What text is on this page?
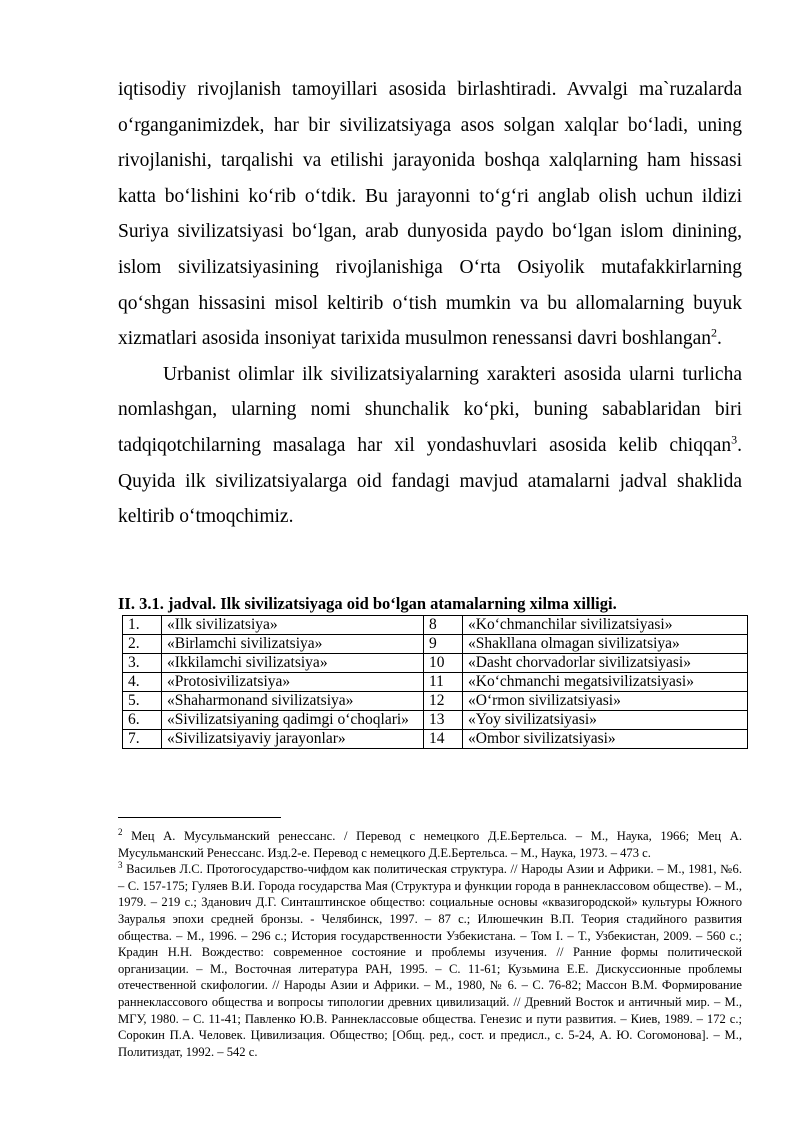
iqtisodiy rivojlanish tamoyillari asosida birlashtiradi. Avvalgi ma`ruzalarda o‘rganganimizdek, har bir sivilizatsiyaga asos solgan xalqlar bo‘ladi, uning rivojlanishi, tarqalishi va etilishi jarayonida boshqa xalqlarning ham hissasi katta bo‘lishini ko‘rib o‘tdik. Bu jarayonni to‘g‘ri anglab olish uchun ildizi Suriya sivilizatsiyasi bo‘lgan, arab dunyosida paydo bo‘lgan islom dinining, islom sivilizatsiyasining rivojlanishiga O‘rta Osiyolik mutafakkirlarning qo‘shgan hissasini misol keltirib o‘tish mumkin va bu allomalarning buyuk xizmatlari asosida insoniyat tarixida musulmon renessansi davri boshlangan$^2$.

Urbanist olimlar ilk sivilizatsiyalarning xarakteri asosida ularni turlicha nomlashgan, ularning nomi shunchalik ko‘pki, buning sabablaridan biri tadqiqotchilarning masalaga har xil yondashuvlari asosida kelib chiqqan$^3$. Quyida ilk sivilizatsiyalarga oid fandagi mavjud atamalarni jadval shaklida keltirib o‘tmoqchimiz.

II. 3.1. jadval. Ilk sivilizatsiyaga oid bo‘lgan atamalarning xilma xilligi.
1.	«Ilk sivilizatsiya»	8	«Ko‘chmanchilar sivilizatsiyasi»
2.	«Birlamchi sivilizatsiya»	9	«Shakllana olmagan sivilizatsiya»
3.	«Ikkilamchi sivilizatsiya»	10	«Dasht chorvadorlar sivilizatsiyasi»
4.	«Protosivilizatsiya»	11	«Ko‘chmanchi megatsivilizatsiyasi»
5.	«Shaharmonand sivilizatsiya»	12	«O‘rmon sivilizatsiyasi»
6.	«Sivilizatsiyaning qadimgi o‘choqlari»	13	«Yoy sivilizatsiyasi»
7.	«Sivilizatsiyaviy jarayonlar»	14	«Ombor sivilizatsiyasi»

$^2$ Мец А. Мусульманский ренессанс. / Перевод с немецкого Д.Е.Бертельса. – М., Наука, 1966; Мец А. Мусульманский Ренессанс. Изд.2-е. Перевод с немецкого Д.Е.Бертельса. – М., Наука, 1973. – 473 с.

$^3$ Васильев Л.С. Протогосударство-чифдом как политическая структура. // Народы Азии и Африки. – М., 1981, №6. – С. 157-175; Гуляев В.И. Города государства Мая (Структура и функции города в раннеклассовом обществе). – М., 1979. – 219 с.; Зданович Д.Г. Синташтинское общество: социальные основы «квазигородской» культуры Южного Зауралья эпохи средней бронзы. - Челябинск, 1997. – 87 с.; Илюшечкин В.П. Теория стадийного развития общества. – М., 1996. – 296 с.; История государственности Узбекистана. – Том I. – Т., Узбекистан, 2009. – 560 с.; Крадин Н.Н. Вождество: современное состояние и проблемы изучения. // Ранние формы политической организации. – М., Восточная литература РАН, 1995. – С. 11-61; Кузьмина Е.Е. Дискуссионные проблемы отечественной скифологии. // Народы Азии и Африки. – М., 1980, № 6. – С. 76-82; Массон В.М. Формирование раннеклассового общества и вопросы типологии древних цивилизаций. // Древний Восток и античный мир. – М., МГУ, 1980. – С. 11-41; Павленко Ю.В. Раннеклассовые общества. Генезис и пути развития. – Киев, 1989. – 172 с.; Сорокин П.А. Человек. Цивилизация. Общество; [Общ. ред., сост. и предисл., с. 5-24, А. Ю. Согомонова]. – М., Политиздат, 1992. – 542 с.
